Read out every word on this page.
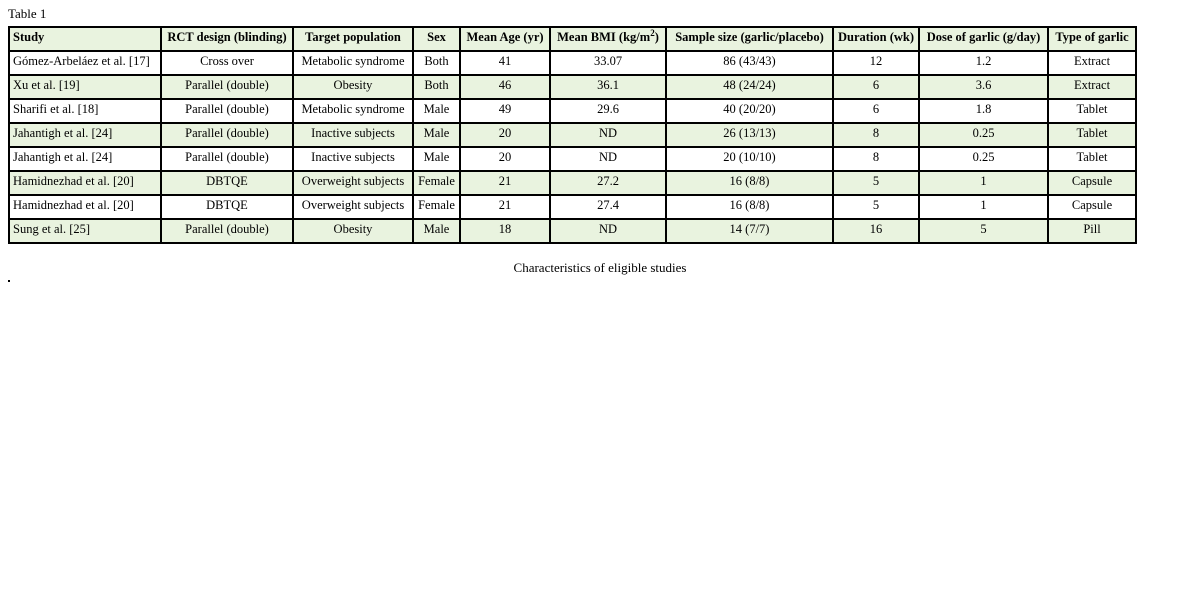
Table 1
Study	RCT design (blinding)	Target population	Sex	Mean Age (yr)	Mean BMI $(kg/m^2)$	Sample size (garlic/placebo)	Duration (wk)	Dose of garlic (g/day)	Type of garlic
Gómez-Arbeláez et al. [17]	Cross over	Metabolic syndrome	Both	41	33.07	86 (43/43)	12	1.2	Extract
Xu et al. [19]	Parallel (double)	Obesity	Both	46	36.1	48 (24/24)	6	3.6	Extract
Sharifi et al. [18]	Parallel (double)	Metabolic syndrome	Male	49	29.6	40 (20/20)	6	1.8	Tablet
Jahantigh et al. [24]	Parallel (double)	Inactive subjects	Male	20	ND	26 (13/13)	8	0.25	Tablet
Jahantigh et al. [24]	Parallel (double)	Inactive subjects	Male	20	ND	20 (10/10)	8	0.25	Tablet
Hamidnezhad et al. [20]	DBTQE	Overweight subjects	Female	21	27.2	16 (8/8)	5	1	Capsule
Hamidnezhad et al. [20]	DBTQE	Overweight subjects	Female	21	27.4	16 (8/8)	5	1	Capsule
Sung et al. [25]	Parallel (double)	Obesity	Male	18	ND	14 (7/7)	16	5	Pill
Characteristics of eligible studies
